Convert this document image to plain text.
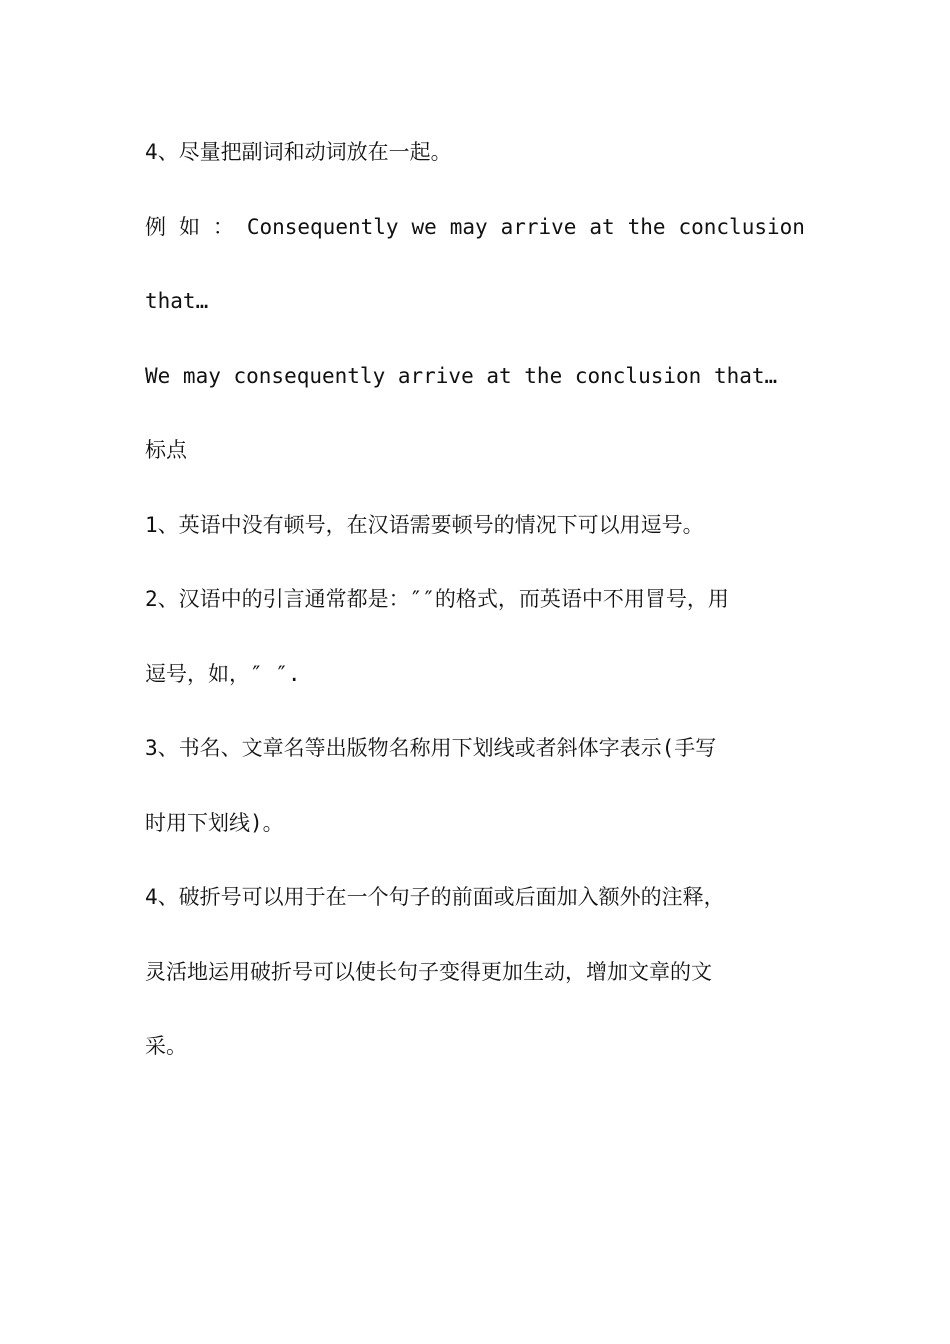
4、尽量把副词和动词放在一起。
例 如 ： Consequently we may arrive at the conclusion
that…
We may consequently arrive at the conclusion that…
标点
1、英语中没有顿号，在汉语需要顿号的情况下可以用逗号。
2、汉语中的引言通常都是：″″的格式，而英语中不用冒号，用
逗号，如，″ ″.
3、书名、文章名等出版物名称用下划线或者斜体字表示(手写
时用下划线)。
4、破折号可以用于在一个句子的前面或后面加入额外的注释，
灵活地运用破折号可以使长句子变得更加生动，增加文章的文
采。
